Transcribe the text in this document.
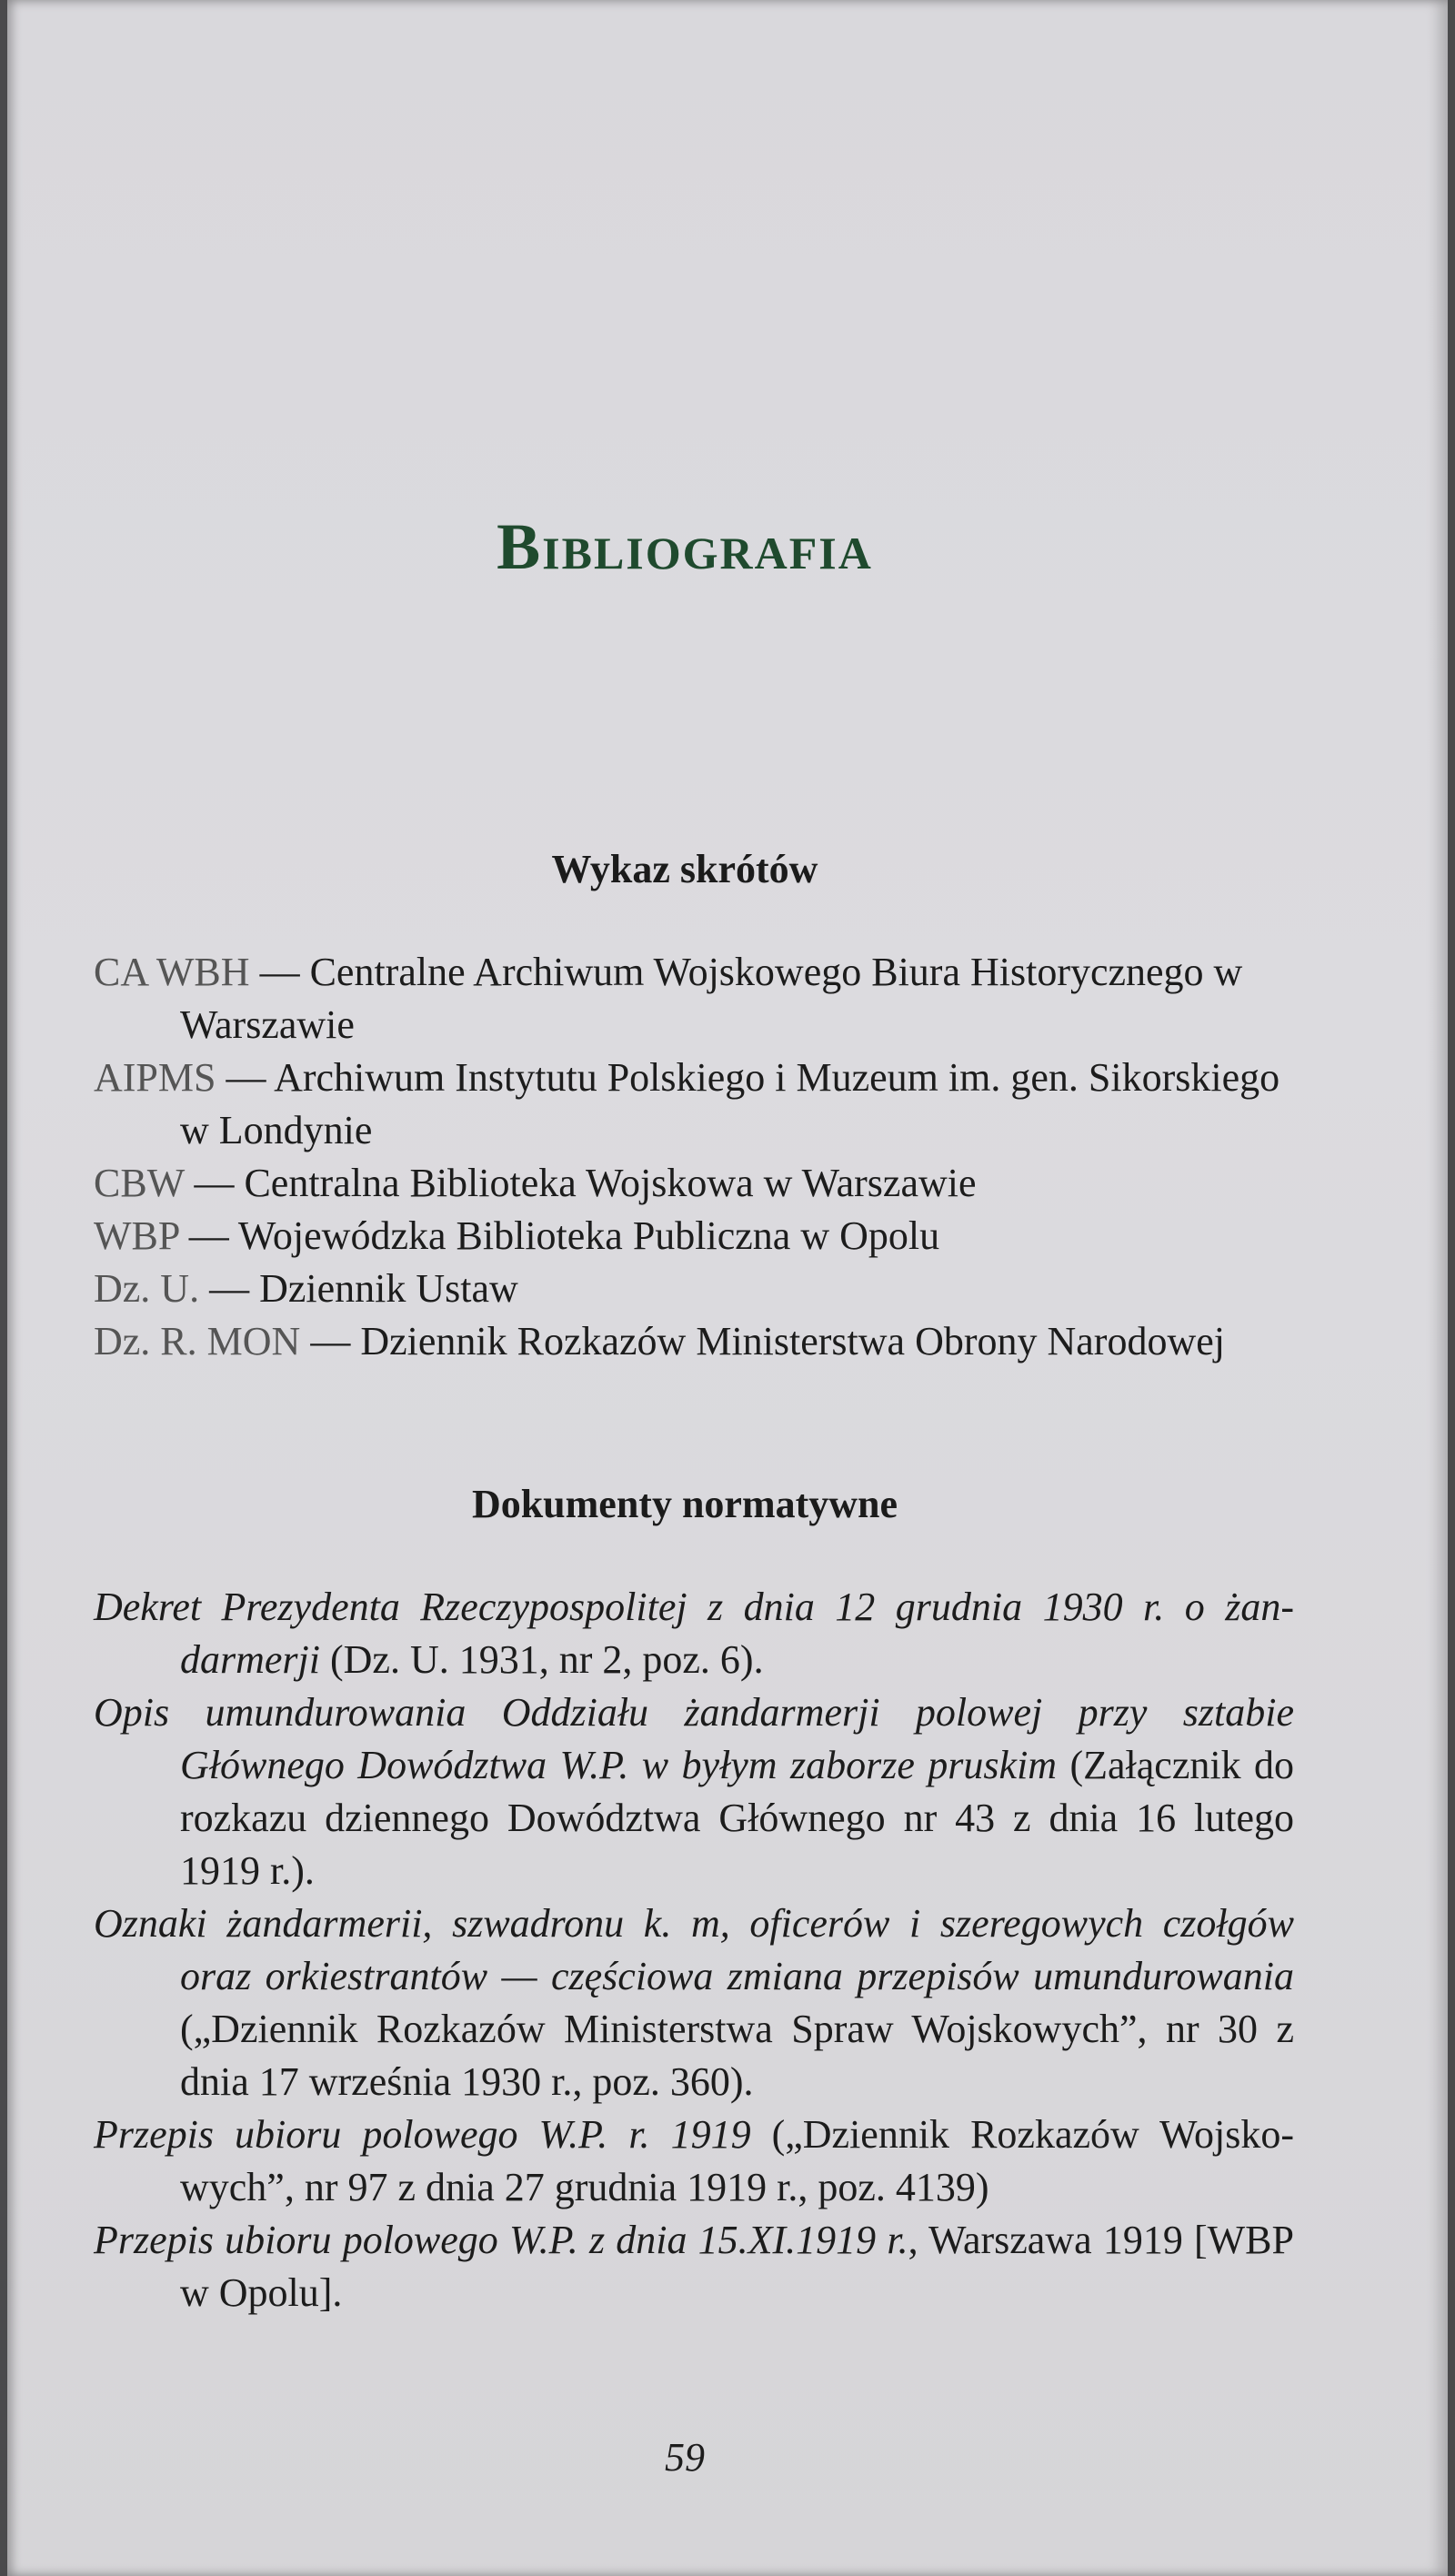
Bibliografia
Wykaz skrótów
CA WBH — Centralne Archiwum Wojskowego Biura Historycznego w Warszawie
AIPMS — Archiwum Instytutu Polskiego i Muzeum im. gen. Sikorskiego w Londynie
CBW — Centralna Biblioteka Wojskowa w Warszawie
WBP — Wojewódzka Biblioteka Publiczna w Opolu
Dz. U. — Dziennik Ustaw
Dz. R. MON — Dziennik Rozkazów Ministerstwa Obrony Narodowej
Dokumenty normatywne
Dekret Prezydenta Rzeczypospolitej z dnia 12 grudnia 1930 r. o żandarmerji (Dz. U. 1931, nr 2, poz. 6).
Opis umundurowania Oddziału żandarmerji polowej przy sztabie Głównego Dowództwa W.P. w byłym zaborze pruskim (Załącznik do rozkazu dziennego Dowództwa Głównego nr 43 z dnia 16 lutego 1919 r.).
Oznaki żandarmerii, szwadronu k. m, oficerów i szeregowych czołgów oraz orkiestrantów — częściowa zmiana przepisów umundurowania („Dziennik Rozkazów Ministerstwa Spraw Wojskowych”, nr 30 z dnia 17 września 1930 r., poz. 360).
Przepis ubioru polowego W.P. r. 1919 („Dziennik Rozkazów Wojskowych”, nr 97 z dnia 27 grudnia 1919 r., poz. 4139)
Przepis ubioru polowego W.P. z dnia 15.XI.1919 r., Warszawa 1919 [WBP w Opolu].

59
